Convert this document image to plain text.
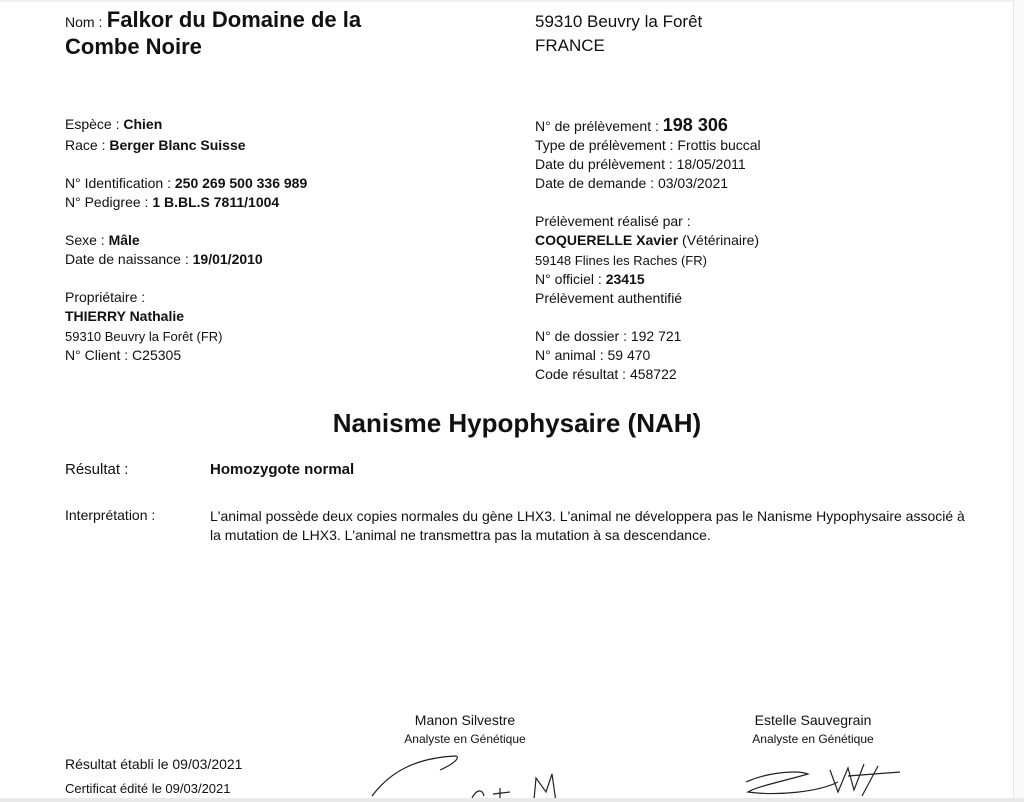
Nom : Falkor du Domaine de la
Combe Noire
59310 Beuvry la Forêt
FRANCE
Espèce : Chien
Race : Berger Blanc Suisse
N° Identification : 250 269 500 336 989
N° Pedigree : 1 B.BL.S 7811/1004
Sexe : Mâle
Date de naissance : 19/01/2010
Propriétaire :
THIERRY Nathalie
59310 Beuvry la Forêt (FR)
N° Client : C25305
N° de prélèvement : 198 306
Type de prélèvement : Frottis buccal
Date du prélèvement : 18/05/2011
Date de demande : 03/03/2021
Prélèvement réalisé par :
COQUERELLE Xavier (Vétérinaire)
59148 Flines les Raches (FR)
N° officiel : 23415
Prélèvement authentifié
N° de dossier : 192 721
N° animal : 59 470
Code résultat : 458722
Nanisme Hypophysaire (NAH)
Résultat :	Homozygote normal
Interprétation :	L'animal possède deux copies normales du gène LHX3. L'animal ne développera pas le Nanisme Hypophysaire associé à la mutation de LHX3. L'animal ne transmettra pas la mutation à sa descendance.
Manon Silvestre
Analyste en Génétique
Estelle Sauvegrain
Analyste en Génétique
Résultat établi le 09/03/2021
Certificat édité le 09/03/2021
